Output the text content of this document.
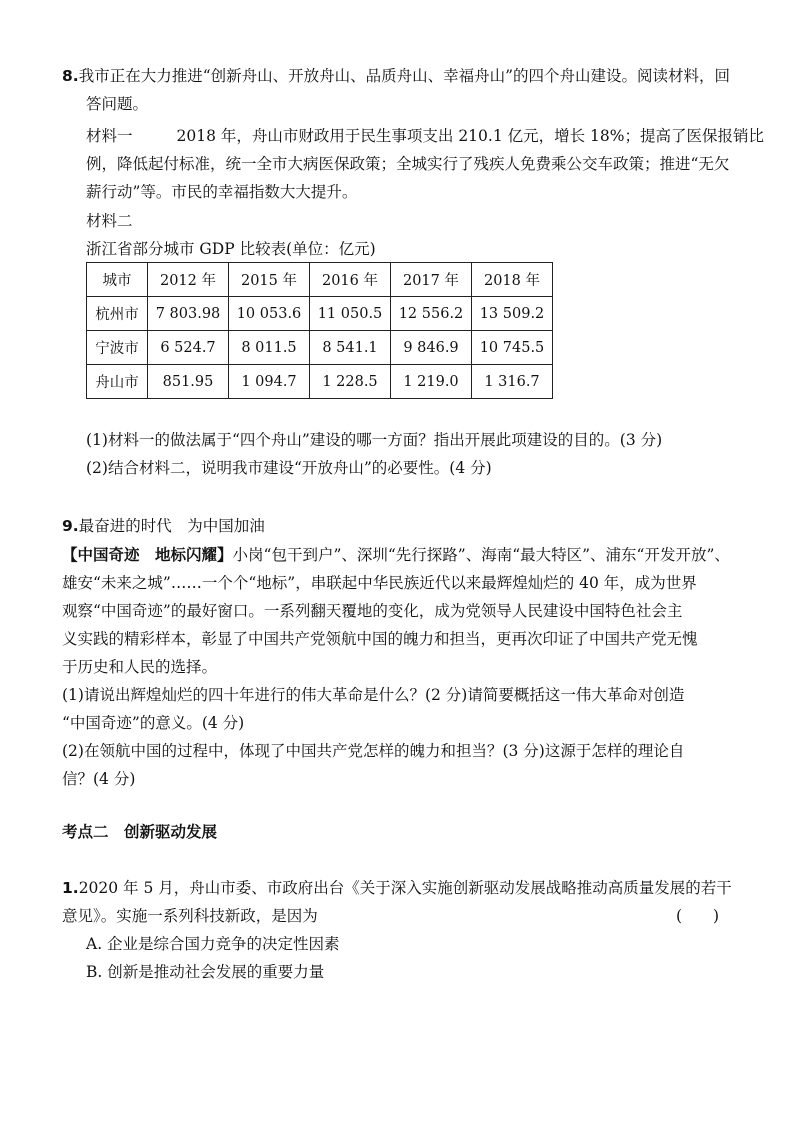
8.我市正在大力推进“创新舟山、开放舟山、品质舟山、幸福舟山”的四个舟山建设。阅读材料，回
答问题。
材料一	2018 年，舟山市财政用于民生事项支出 210.1 亿元，增长 18%；提高了医保报销比
例，降低起付标准，统一全市大病医保政策；全城实行了残疾人免费乘公交车政策；推进“无欠
薪行动”等。市民的幸福指数大大提升。
材料二
浙江省部分城市 GDP 比较表(单位：亿元)
城市	2012 年	2015 年	2016 年	2017 年	2018 年
杭州市	7 803.98	10 053.6	11 050.5	12 556.2	13 509.2
宁波市	6 524.7	8 011.5	8 541.1	9 846.9	10 745.5
舟山市	851.95	1 094.7	1 228.5	1 219.0	1 316.7
(1)材料一的做法属于“四个舟山”建设的哪一方面？指出开展此项建设的目的。(3 分)
(2)结合材料二，说明我市建设“开放舟山”的必要性。(4 分)
9.最奋进的时代　为中国加油
【中国奇迹　地标闪耀】小岗“包干到户”、深圳“先行探路”、海南“最大特区”、浦东“开发开放”、
雄安“未来之城”……一个个“地标”，串联起中华民族近代以来最辉煌灿烂的 40 年，成为世界
观察“中国奇迹”的最好窗口。一系列翻天覆地的变化，成为党领导人民建设中国特色社会主
义实践的精彩样本，彰显了中国共产党领航中国的魄力和担当，更再次印证了中国共产党无愧
于历史和人民的选择。
(1)请说出辉煌灿烂的四十年进行的伟大革命是什么？(2 分)请简要概括这一伟大革命对创造
“中国奇迹”的意义。(4 分)
(2)在领航中国的过程中，体现了中国共产党怎样的魄力和担当？(3 分)这源于怎样的理论自
信？(4 分)
考点二　创新驱动发展
1.2020 年 5 月，舟山市委、市政府出台《关于深入实施创新驱动发展战略推动高质量发展的若干
意见》。实施一系列科技新政，是因为	(　　)
A. 企业是综合国力竞争的决定性因素
B. 创新是推动社会发展的重要力量
